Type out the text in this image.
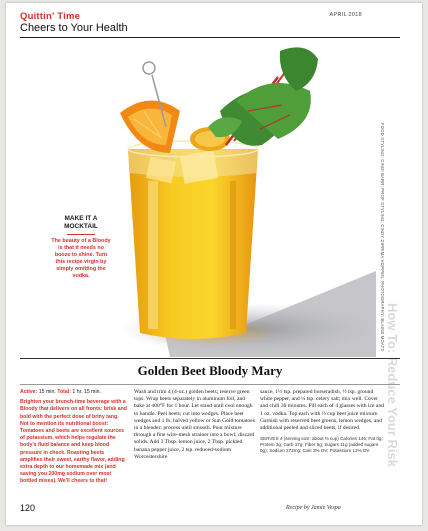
Quittin' Time
Cheers to Your Health
APRIL 2018
FOOD STYLING: CINDI BARR; PROP STYLING: CINDY DIPRIMA HOPPEN; PHOTOGRAPHY: BLAINE MOATS
MAKE IT A MOCKTAIL
The beauty of a Bloody is that it needs no booze to shine. Turn this recipe virgin by simply omitting the vodka.
Golden Beet Bloody Mary
Active: 15 min. Total: 1 hr. 15 min.
Brighten your brunch-time beverage with a Bloody that delivers on all fronts: brisk and bold with the perfect dose of briny tang. Not to mention its nutritional boost: Tomatoes and beets are excellent sources of potassium, which helps regulate the body's fluid balance and keep blood pressure in check. Roasting beets amplifies their sweet, earthy flavor, adding extra depth to our homemade mix (and saving you 200mg sodium over most bottled mixes). We'll cheers to that!
Wash and trim 4 (4-oz.) golden beets; reserve green tops. Wrap beets separately in aluminum foil, and bake at 400°F for 1 hour. Let stand until cool enough to handle. Peel beets; cut into wedges. Place beet wedges and 1 lb. halved yellow or Sun Gold tomatoes in a blender; process until smooth. Pour mixture through a fine wire-mesh strainer into a bowl; discard solids. Add 3 Tbsp. lemon juice, 2 Tbsp. pickled banana pepper juice, 2 tsp. reduced-sodium Worcestershire
sauce, 1½ tsp. prepared horseradish, ½ tsp. ground white pepper, and ¼ tsp. celery salt; mix well. Cover and chill 30 minutes. Fill each of 4 glasses with ice and 1 oz. vodka. Top each with ⅔ cup beet juice mixture. Garnish with reserved beet greens, lemon wedges, and additional peeled and sliced beets, if desired.
SERVES 4 (serving size: about ⅔ cup) Calories 146; Fat 0g; Protein 3g; Carb 17g; Fiber 5g; Sugars 11g (added sugars 0g); Sodium 273mg; Calc 3% DV; Potassium 12% DV
120	Recipe by Jamie Vespa
